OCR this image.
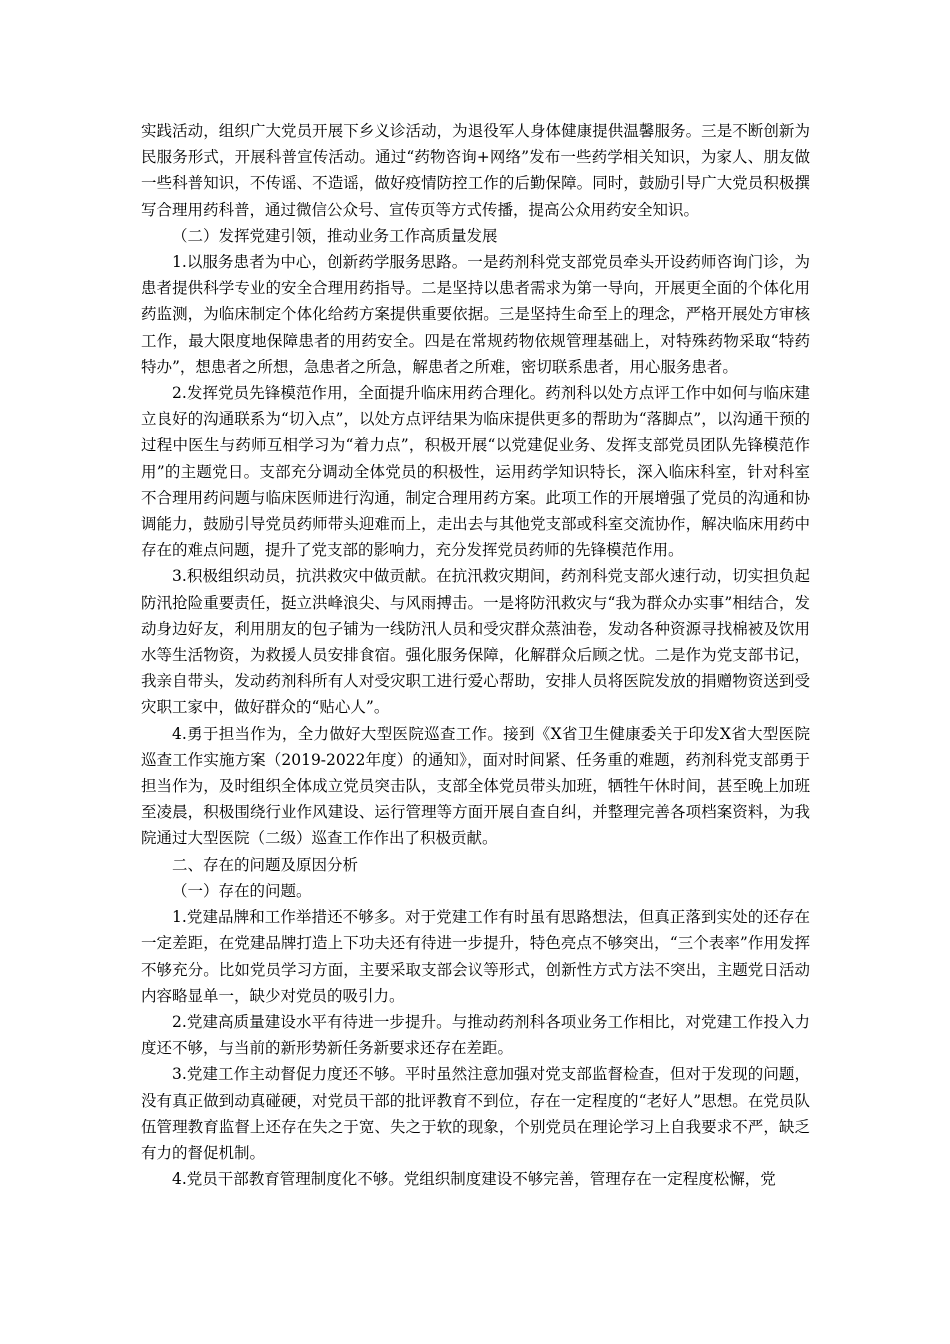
实践活动，组织广大党员开展下乡义诊活动，为退役军人身体健康提供温馨服务。三是不断创新为民服务形式，开展科普宣传活动。通过“药物咨询+网络”发布一些药学相关知识，为家人、朋友做一些科普知识，不传谣、不造谣，做好疫情防控工作的后勤保障。同时，鼓励引导广大党员积极撰写合理用药科普，通过微信公众号、宣传页等方式传播，提高公众用药安全知识。

（二）发挥党建引领，推动业务工作高质量发展

1.以服务患者为中心，创新药学服务思路。一是药剂科党支部党员牵头开设药师咨询门诊，为患者提供科学专业的安全合理用药指导。二是坚持以患者需求为第一导向，开展更全面的个体化用药监测，为临床制定个体化给药方案提供重要依据。三是坚持生命至上的理念，严格开展处方审核工作，最大限度地保障患者的用药安全。四是在常规药物依规管理基础上，对特殊药物采取“特药特办”，想患者之所想，急患者之所急，解患者之所难，密切联系患者，用心服务患者。

2.发挥党员先锋模范作用，全面提升临床用药合理化。药剂科以处方点评工作中如何与临床建立良好的沟通联系为“切入点”，以处方点评结果为临床提供更多的帮助为“落脚点”，以沟通干预的过程中医生与药师互相学习为“着力点”，积极开展“以党建促业务、发挥支部党员团队先锋模范作用”的主题党日。支部充分调动全体党员的积极性，运用药学知识特长，深入临床科室，针对科室不合理用药问题与临床医师进行沟通，制定合理用药方案。此项工作的开展增强了党员的沟通和协调能力，鼓励引导党员药师带头迎难而上，走出去与其他党支部或科室交流协作，解决临床用药中存在的难点问题，提升了党支部的影响力，充分发挥党员药师的先锋模范作用。

3.积极组织动员，抗洪救灾中做贡献。在抗汛救灾期间，药剂科党支部火速行动，切实担负起防汛抢险重要责任，挺立洪峰浪尖、与风雨搏击。一是将防汛救灾与“我为群众办实事”相结合，发动身边好友，利用朋友的包子铺为一线防汛人员和受灾群众蒸油卷，发动各种资源寻找棉被及饮用水等生活物资，为救援人员安排食宿。强化服务保障，化解群众后顾之忧。二是作为党支部书记，我亲自带头，发动药剂科所有人对受灾职工进行爱心帮助，安排人员将医院发放的捐赠物资送到受灾职工家中，做好群众的“贴心人”。

4.勇于担当作为，全力做好大型医院巡查工作。接到《X省卫生健康委关于印发X省大型医院巡查工作实施方案（2019-2022年度）的通知》，面对时间紧、任务重的难题，药剂科党支部勇于担当作为，及时组织全体成立党员突击队，支部全体党员带头加班，牺牲午休时间，甚至晚上加班至凌晨，积极围绕行业作风建设、运行管理等方面开展自查自纠，并整理完善各项档案资料，为我院通过大型医院（二级）巡查工作作出了积极贡献。

二、存在的问题及原因分析

（一）存在的问题。

1.党建品牌和工作举措还不够多。对于党建工作有时虽有思路想法，但真正落到实处的还存在一定差距，在党建品牌打造上下功夫还有待进一步提升，特色亮点不够突出，“三个表率”作用发挥不够充分。比如党员学习方面，主要采取支部会议等形式，创新性方式方法不突出，主题党日活动内容略显单一，缺少对党员的吸引力。

2.党建高质量建设水平有待进一步提升。与推动药剂科各项业务工作相比，对党建工作投入力度还不够，与当前的新形势新任务新要求还存在差距。

3.党建工作主动督促力度还不够。平时虽然注意加强对党支部监督检查，但对于发现的问题，没有真正做到动真碰硬，对党员干部的批评教育不到位，存在一定程度的“老好人”思想。在党员队伍管理教育监督上还存在失之于宽、失之于软的现象，个别党员在理论学习上自我要求不严，缺乏有力的督促机制。

4.党员干部教育管理制度化不够。党组织制度建设不够完善，管理存在一定程度松懈，党
